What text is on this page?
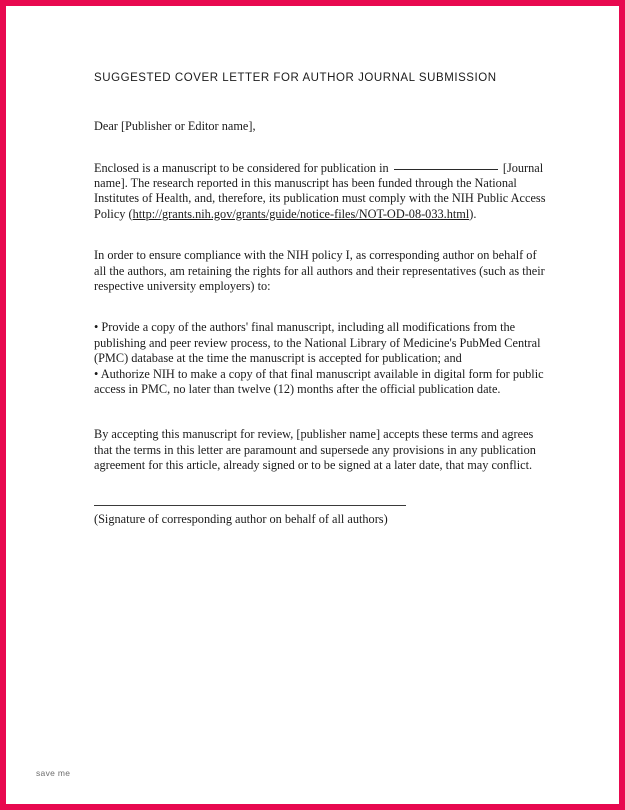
SUGGESTED COVER LETTER FOR AUTHOR JOURNAL SUBMISSION
Dear [Publisher or Editor name],
Enclosed is a manuscript to be considered for publication in	[Journal name]. The research reported in this manuscript has been funded through the National Institutes of Health, and, therefore, its publication must comply with the NIH Public Access Policy (http://grants.nih.gov/grants/guide/notice-files/NOT-OD-08-033.html).
In order to ensure compliance with the NIH policy I, as corresponding author on behalf of all the authors, am retaining the rights for all authors and their representatives (such as their respective university employers) to:
• Provide a copy of the authors' final manuscript, including all modifications from the publishing and peer review process, to the National Library of Medicine's PubMed Central (PMC) database at the time the manuscript is accepted for publication; and
• Authorize NIH to make a copy of that final manuscript available in digital form for public access in PMC, no later than twelve (12) months after the official publication date.
By accepting this manuscript for review, [publisher name] accepts these terms and agrees that the terms in this letter are paramount and supersede any provisions in any publication agreement for this article, already signed or to be signed at a later date, that may conflict.
(Signature of corresponding author on behalf of all authors)
save me
